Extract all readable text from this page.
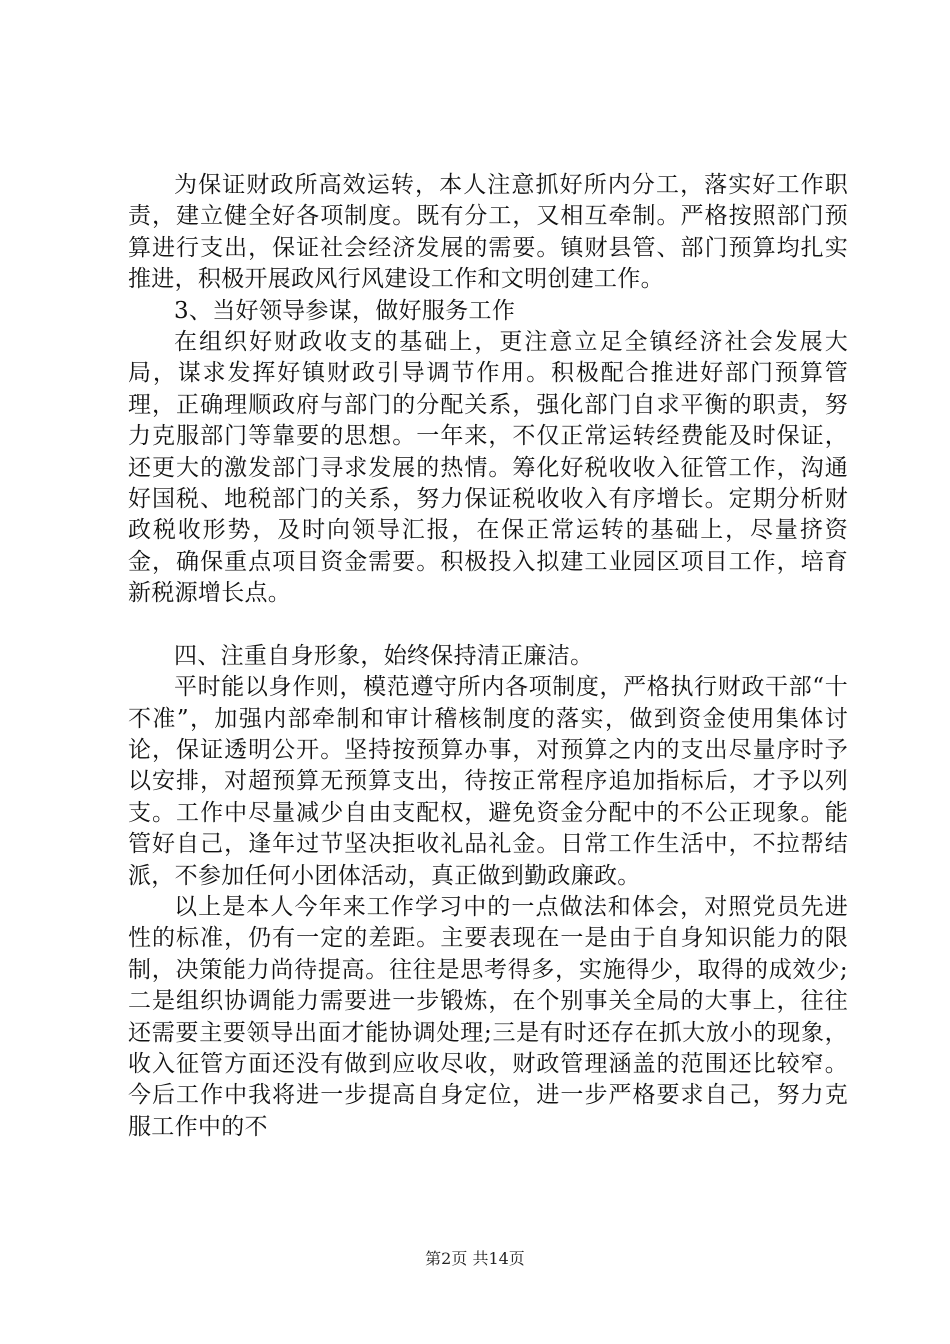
为保证财政所高效运转，本人注意抓好所内分工，落实好工作职责，建立健全好各项制度。既有分工，又相互牵制。严格按照部门预算进行支出，保证社会经济发展的需要。镇财县管、部门预算均扎实推进，积极开展政风行风建设工作和文明创建工作。

3、当好领导参谋，做好服务工作

在组织好财政收支的基础上，更注意立足全镇经济社会发展大局，谋求发挥好镇财政引导调节作用。积极配合推进好部门预算管理，正确理顺政府与部门的分配关系，强化部门自求平衡的职责，努力克服部门等靠要的思想。一年来，不仅正常运转经费能及时保证，还更大的激发部门寻求发展的热情。筹化好税收收入征管工作，沟通好国税、地税部门的关系，努力保证税收收入有序增长。定期分析财政税收形势，及时向领导汇报，在保正常运转的基础上，尽量挤资金，确保重点项目资金需要。积极投入拟建工业园区项目工作，培育新税源增长点。

四、注重自身形象，始终保持清正廉洁。

平时能以身作则，模范遵守所内各项制度，严格执行财政干部“十不准”，加强内部牵制和审计稽核制度的落实，做到资金使用集体讨论，保证透明公开。坚持按预算办事，对预算之内的支出尽量序时予以安排，对超预算无预算支出，待按正常程序追加指标后，才予以列支。工作中尽量减少自由支配权，避免资金分配中的不公正现象。能管好自己，逢年过节坚决拒收礼品礼金。日常工作生活中，不拉帮结派，不参加任何小团体活动，真正做到勤政廉政。

以上是本人今年来工作学习中的一点做法和体会，对照党员先进性的标准，仍有一定的差距。主要表现在一是由于自身知识能力的限制，决策能力尚待提高。往往是思考得多，实施得少，取得的成效少;二是组织协调能力需要进一步锻炼，在个别事关全局的大事上，往往还需要主要领导出面才能协调处理;三是有时还存在抓大放小的现象，收入征管方面还没有做到应收尽收，财政管理涵盖的范围还比较窄。今后工作中我将进一步提高自身定位，进一步严格要求自己，努力克服工作中的不

第2页 共14页
